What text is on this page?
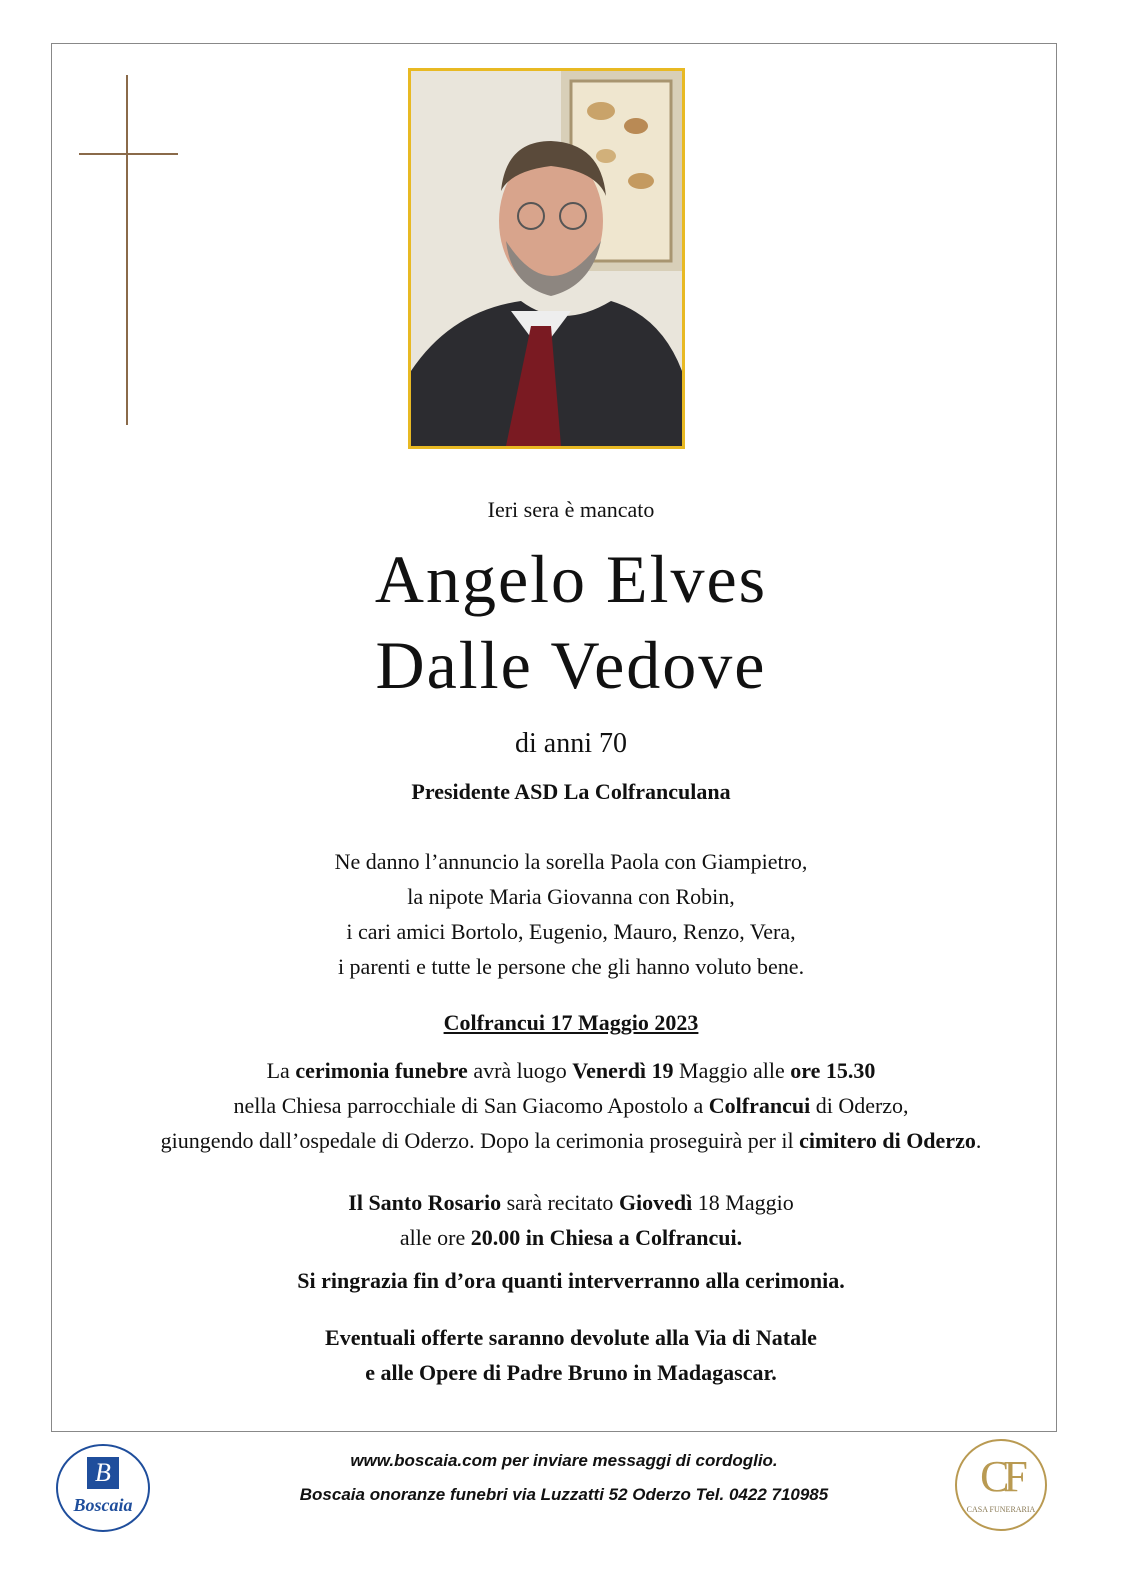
Ieri sera è mancato
Angelo Elves
Dalle Vedove
di anni 70
Presidente ASD La Colfranculana
Ne danno l’annuncio la sorella Paola con Giampietro,
la nipote Maria Giovanna con Robin,
i cari amici Bortolo, Eugenio, Mauro, Renzo, Vera,
i parenti e tutte le persone che gli hanno voluto bene.
Colfrancui 17 Maggio 2023
La cerimonia funebre avrà luogo Venerdì 19 Maggio alle ore 15.30
nella Chiesa parrocchiale di San Giacomo Apostolo a Colfrancui di Oderzo,
giungendo dall’ospedale di Oderzo. Dopo la cerimonia proseguirà per il cimitero di Oderzo.
Il Santo Rosario sarà recitato Giovedì 18 Maggio
alle ore 20.00 in Chiesa a Colfrancui.
Si ringrazia fin d’ora quanti interverranno alla cerimonia.
Eventuali offerte saranno devolute alla Via di Natale
e alle Opere di Padre Bruno in Madagascar.
B
Boscaia
www.boscaia.com per inviare messaggi di cordoglio.
Boscaia onoranze funebri via Luzzatti 52 Oderzo Tel. 0422 710985	CF
CASA FUNERARIA
